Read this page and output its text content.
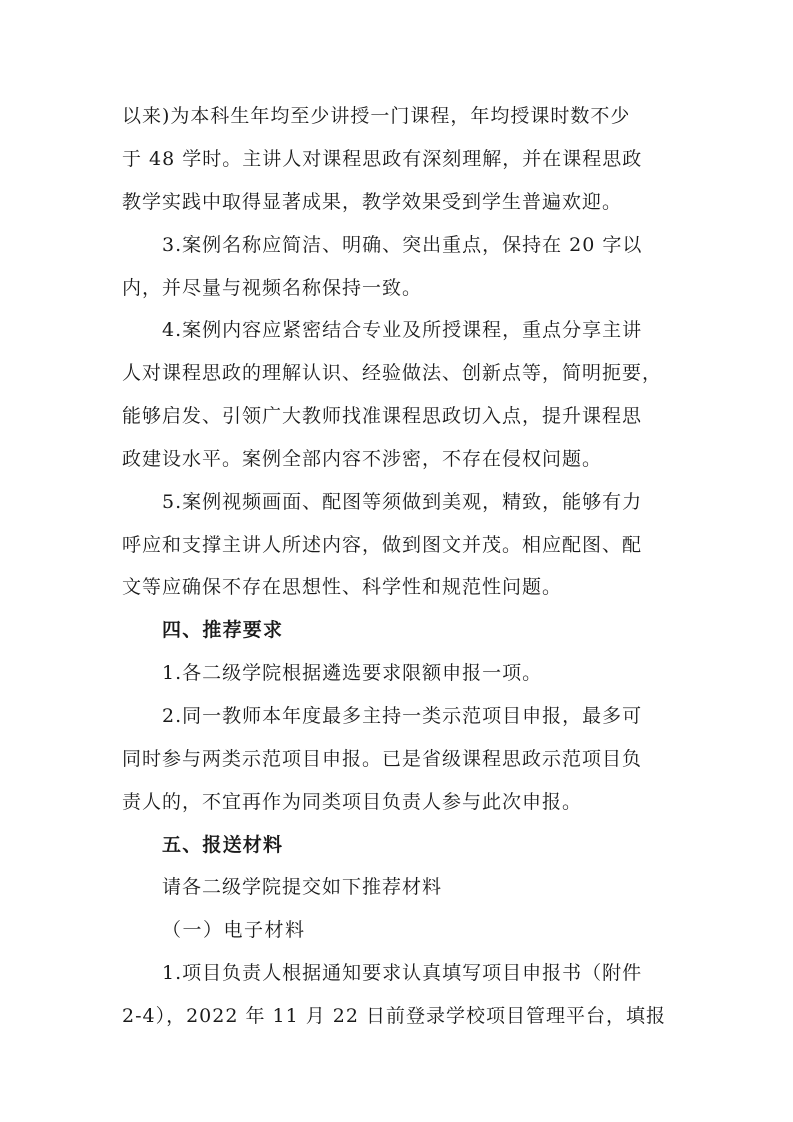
以来)为本科生年均至少讲授一门课程，年均授课时数不少
于 48 学时。主讲人对课程思政有深刻理解，并在课程思政
教学实践中取得显著成果，教学效果受到学生普遍欢迎。
3.案例名称应简洁、明确、突出重点，保持在 20 字以
内，并尽量与视频名称保持一致。
4.案例内容应紧密结合专业及所授课程，重点分享主讲
人对课程思政的理解认识、经验做法、创新点等，简明扼要，
能够启发、引领广大教师找准课程思政切入点，提升课程思
政建设水平。案例全部内容不涉密，不存在侵权问题。
5.案例视频画面、配图等须做到美观，精致，能够有力
呼应和支撑主讲人所述内容，做到图文并茂。相应配图、配
文等应确保不存在思想性、科学性和规范性问题。
四、推荐要求
1.各二级学院根据遴选要求限额申报一项。
2.同一教师本年度最多主持一类示范项目申报，最多可
同时参与两类示范项目申报。已是省级课程思政示范项目负
责人的，不宜再作为同类项目负责人参与此次申报。
五、报送材料
请各二级学院提交如下推荐材料
（一）电子材料
1.项目负责人根据通知要求认真填写项目申报书（附件
2-4），2022 年 11 月 22 日前登录学校项目管理平台，填报
